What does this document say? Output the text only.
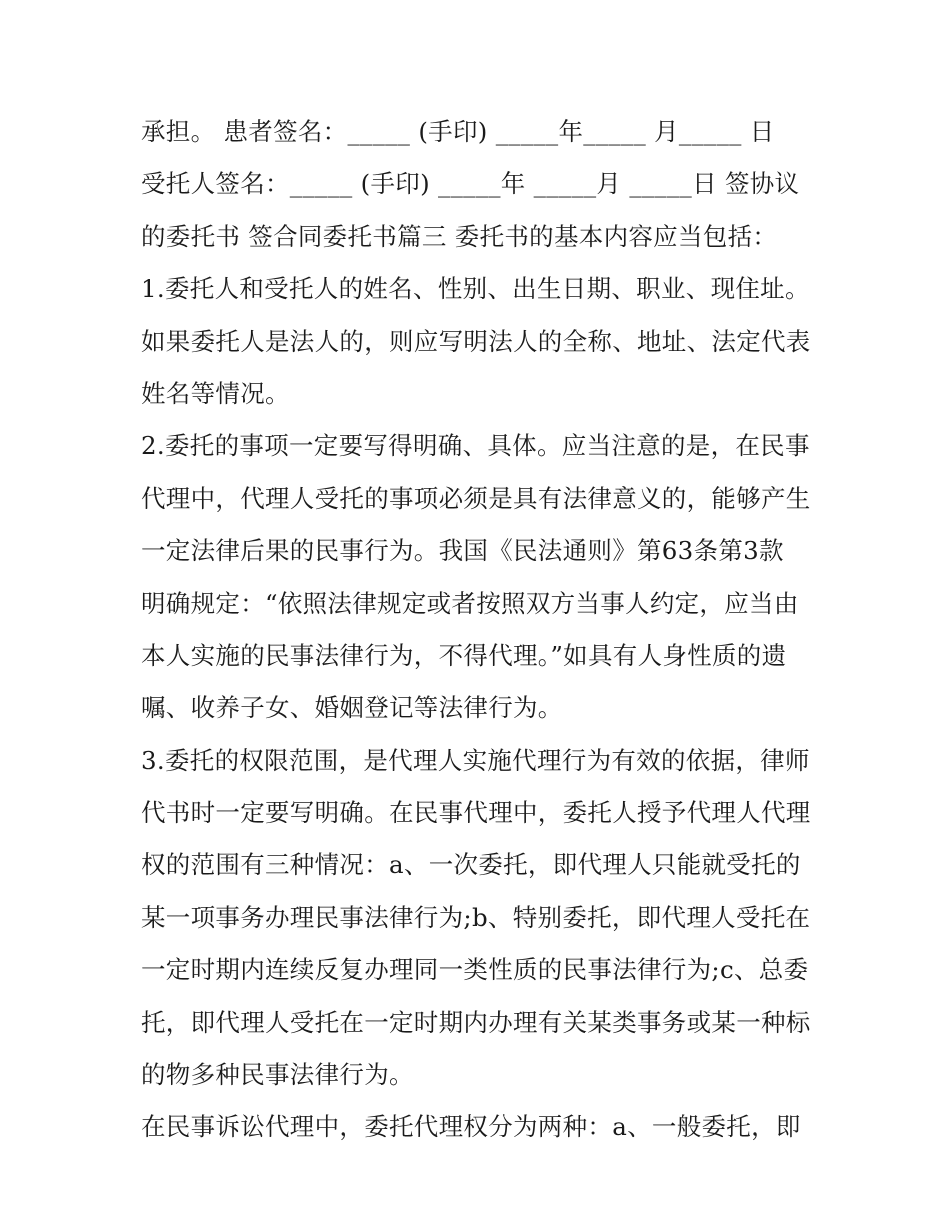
承担。 患者签名：_____ (手印) _____年_____ 月_____ 日
受托人签名：_____ (手印) _____年 _____月 _____日 签协议
的委托书 签合同委托书篇三 委托书的基本内容应当包括：
1.委托人和受托人的姓名、性别、出生日期、职业、现住址。
如果委托人是法人的，则应写明法人的全称、地址、法定代表
姓名等情况。
2.委托的事项一定要写得明确、具体。应当注意的是，在民事
代理中，代理人受托的事项必须是具有法律意义的，能够产生
一定法律后果的民事行为。我国《民法通则》第63条第3款
明确规定：“依照法律规定或者按照双方当事人约定，应当由
本人实施的民事法律行为，不得代理。”如具有人身性质的遗
嘱、收养子女、婚姻登记等法律行为。
3.委托的权限范围，是代理人实施代理行为有效的依据，律师
代书时一定要写明确。在民事代理中，委托人授予代理人代理
权的范围有三种情况：a、一次委托，即代理人只能就受托的
某一项事务办理民事法律行为;b、特别委托，即代理人受托在
一定时期内连续反复办理同一类性质的民事法律行为;c、总委
托，即代理人受托在一定时期内办理有关某类事务或某一种标
的物多种民事法律行为。
在民事诉讼代理中，委托代理权分为两种：a、一般委托，即
